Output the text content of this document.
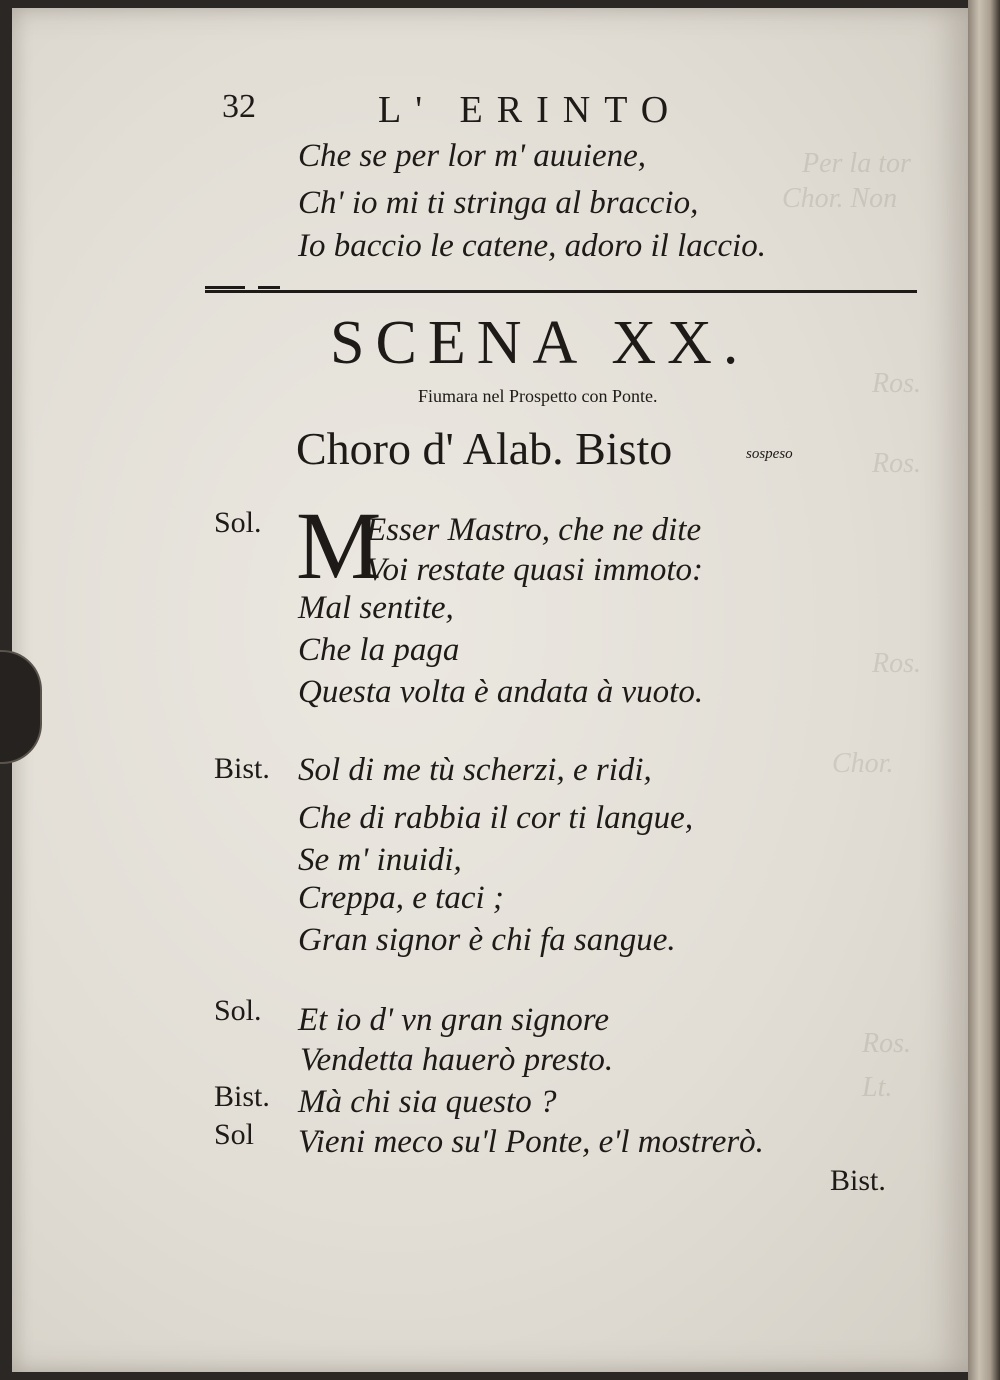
Per la tor
Chor. Non
Ros.
Ros.
Ros.
Chor.
Ros.
Lt.
32	L' ERINTO
Che se per lor m' auuiene,
Ch' io mi ti stringa al braccio,
Io baccio le catene, adoro il laccio.
SCENA XX.
Fiumara nel Prospetto con Ponte.
Choro d' Alab. Bisto	sospeso
Sol. M
Esser Mastro, che ne dite
Voi restate quasi immoto:
Mal sentite,
Che la paga
Questa volta è andata à vuoto.
Bist. Sol di me tù scherzi, e ridi,
Che di rabbia il cor ti langue,
Se m' inuidi,
Creppa, e taci ;
Gran signor è chi fa sangue.
Sol. Et io d' vn gran signore
Vendetta hauerò presto.
Bist. Mà chi sia questo ?
Sol Vieni meco su'l Ponte, e'l mostrerò.
Bist.
